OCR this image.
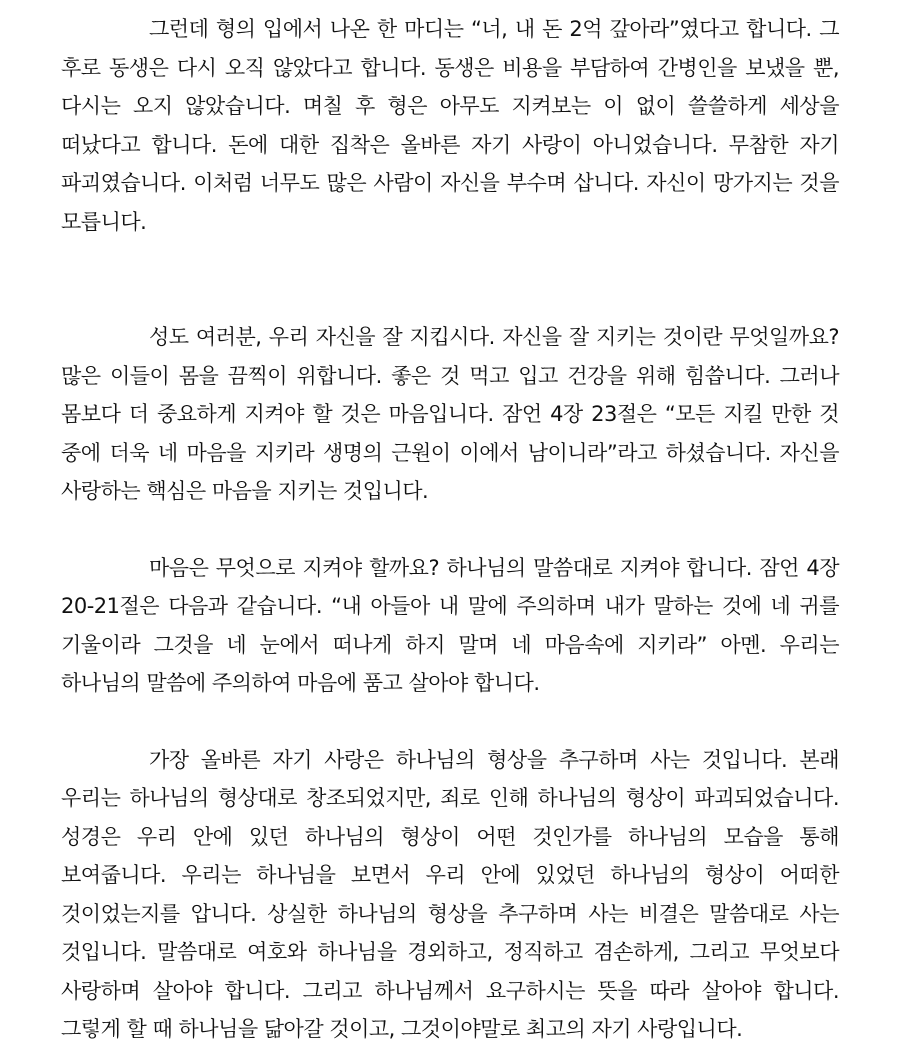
그런데 형의 입에서 나온 한 마디는 “너, 내 돈 2억 갚아라”였다고 합니다. 그 후로 동생은 다시 오직 않았다고 합니다. 동생은 비용을 부담하여 간병인을 보냈을 뿐, 다시는 오지 않았습니다. 며칠 후 형은 아무도 지켜보는 이 없이 쓸쓸하게 세상을 떠났다고 합니다. 돈에 대한 집착은 올바른 자기 사랑이 아니었습니다. 무참한 자기 파괴였습니다. 이처럼 너무도 많은 사람이 자신을 부수며 삽니다. 자신이 망가지는 것을 모릅니다.

성도 여러분, 우리 자신을 잘 지킵시다. 자신을 잘 지키는 것이란 무엇일까요? 많은 이들이 몸을 끔찍이 위합니다. 좋은 것 먹고 입고 건강을 위해 힘씁니다. 그러나 몸보다 더 중요하게 지켜야 할 것은 마음입니다. 잠언 4장 23절은 “모든 지킬 만한 것 중에 더욱 네 마음을 지키라 생명의 근원이 이에서 남이니라”라고 하셨습니다. 자신을 사랑하는 핵심은 마음을 지키는 것입니다.

마음은 무엇으로 지켜야 할까요? 하나님의 말씀대로 지켜야 합니다. 잠언 4장 20-21절은 다음과 같습니다. “내 아들아 내 말에 주의하며 내가 말하는 것에 네 귀를 기울이라 그것을 네 눈에서 떠나게 하지 말며 네 마음속에 지키라” 아멘. 우리는 하나님의 말씀에 주의하여 마음에 품고 살아야 합니다.

가장 올바른 자기 사랑은 하나님의 형상을 추구하며 사는 것입니다. 본래 우리는 하나님의 형상대로 창조되었지만, 죄로 인해 하나님의 형상이 파괴되었습니다. 성경은 우리 안에 있던 하나님의 형상이 어떤 것인가를 하나님의 모습을 통해 보여줍니다. 우리는 하나님을 보면서 우리 안에 있었던 하나님의 형상이 어떠한 것이었는지를 압니다. 상실한 하나님의 형상을 추구하며 사는 비결은 말씀대로 사는 것입니다. 말씀대로 여호와 하나님을 경외하고, 정직하고 겸손하게, 그리고 무엇보다 사랑하며 살아야 합니다. 그리고 하나님께서 요구하시는 뜻을 따라 살아야 합니다. 그렇게 할 때 하나님을 닮아갈 것이고, 그것이야말로 최고의 자기 사랑입니다.
